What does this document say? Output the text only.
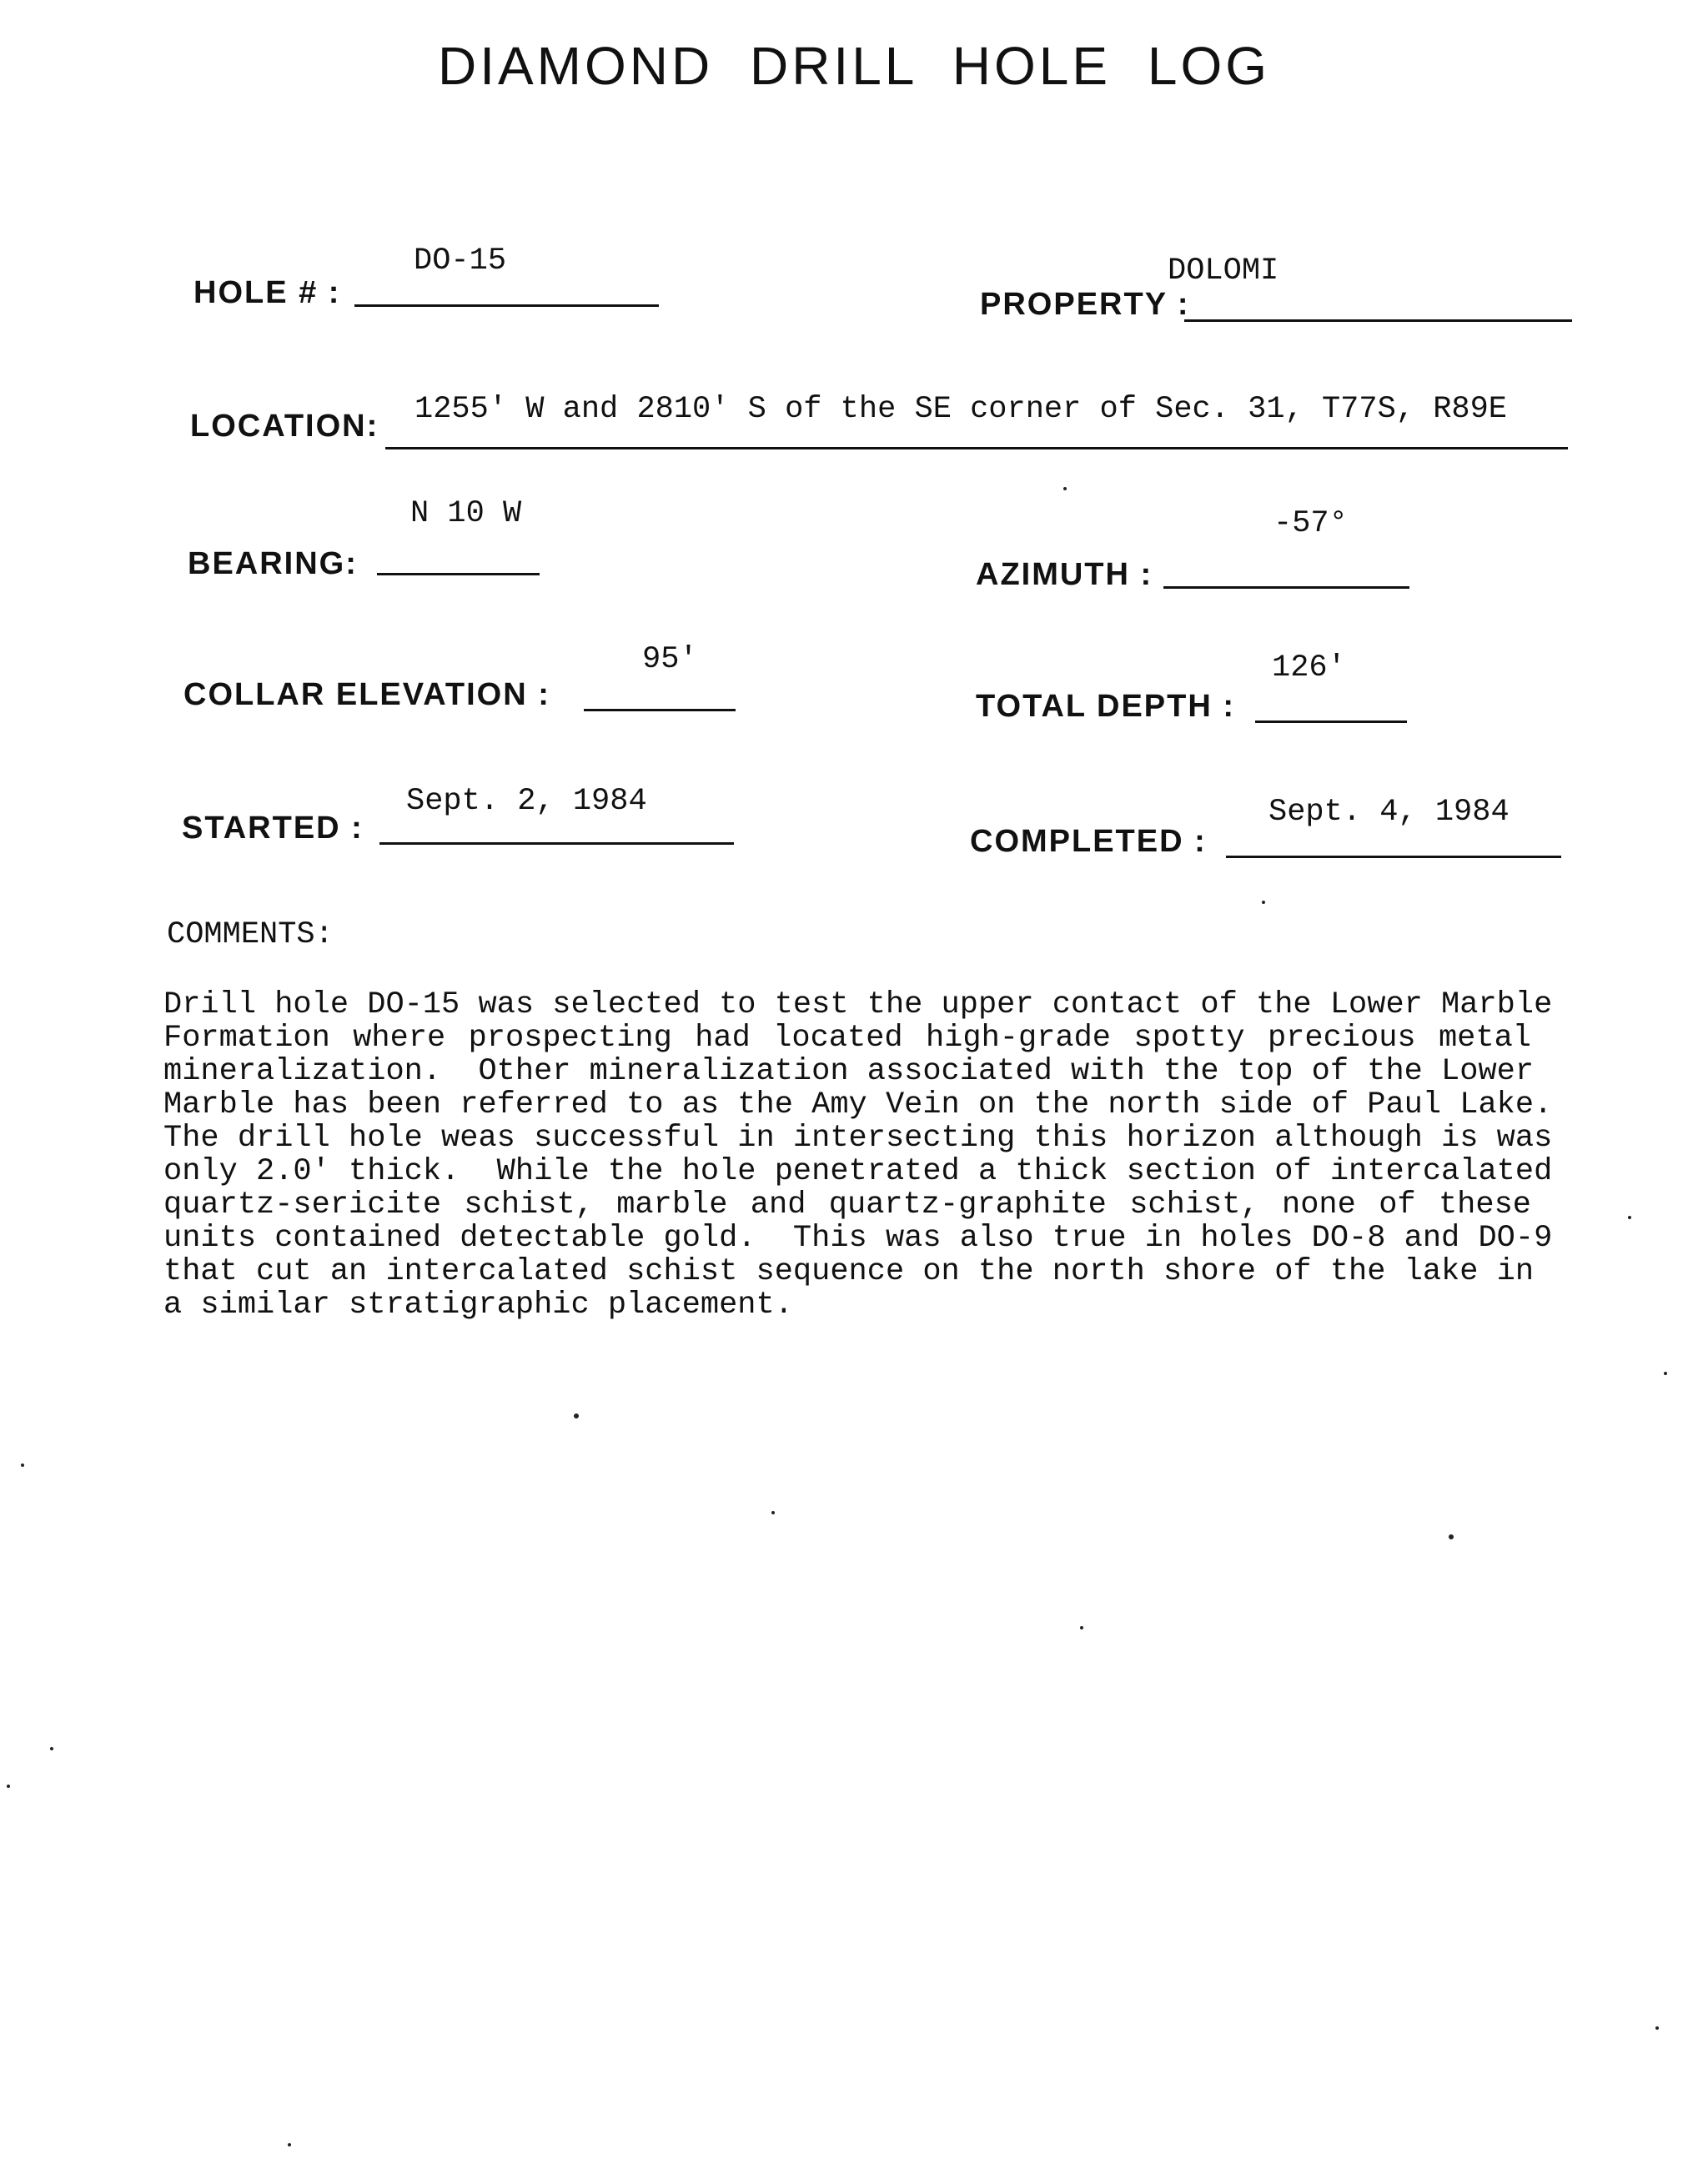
DIAMOND DRILL HOLE LOG
HOLE # :
DO-15
PROPERTY :
DOLOMI
LOCATION: 1255' W and 2810' S of the SE corner of Sec. 31, T77S, R89E
BEARING:
N 10 W
AZIMUTH :
-57°
COLLAR ELEVATION :
95'
TOTAL DEPTH :
126'
STARTED :
Sept. 2, 1984
COMPLETED :
Sept. 4, 1984
COMMENTS:
Drill hole DO-15 was selected to test the upper contact of the Lower Marble
Formation where prospecting had located high-grade spotty precious metal
mineralization.  Other mineralization associated with the top of the Lower
Marble has been referred to as the Amy Vein on the north side of Paul Lake.
The drill hole weas successful in intersecting this horizon although is was
only 2.0' thick.  While the hole penetrated a thick section of intercalated
quartz-sericite schist, marble and quartz-graphite schist, none of these
units contained detectable gold.  This was also true in holes DO-8 and DO-9
that cut an intercalated schist sequence on the north shore of the lake in
a similar stratigraphic placement.
